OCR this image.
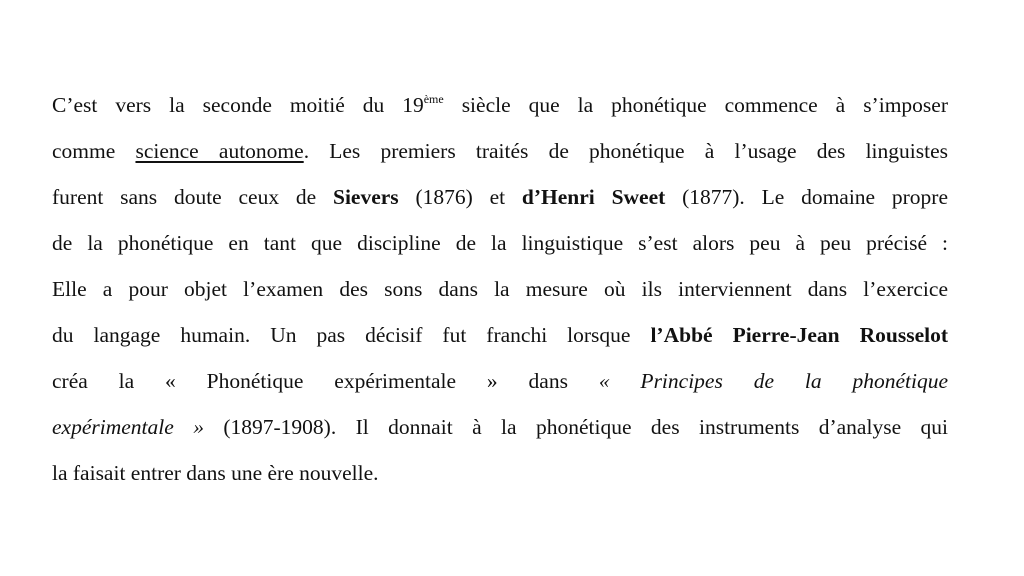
C’est vers la seconde moitié du 19ème siècle que la phonétique commence à s’imposer
comme science autonome. Les premiers traités de phonétique à l’usage des linguistes
furent sans doute ceux de Sievers (1876) et d’Henri Sweet (1877). Le domaine propre
de la phonétique en tant que discipline de la linguistique s’est alors peu à peu précisé :
Elle a pour objet l’examen des sons dans la mesure où ils interviennent dans l’exercice
du langage humain. Un pas décisif fut franchi lorsque l’Abbé Pierre-Jean Rousselot
créa la « Phonétique expérimentale » dans « Principes de la phonétique
expérimentale » (1897-1908). Il donnait à la phonétique des instruments d’analyse qui
la faisait entrer dans une ère nouvelle.
